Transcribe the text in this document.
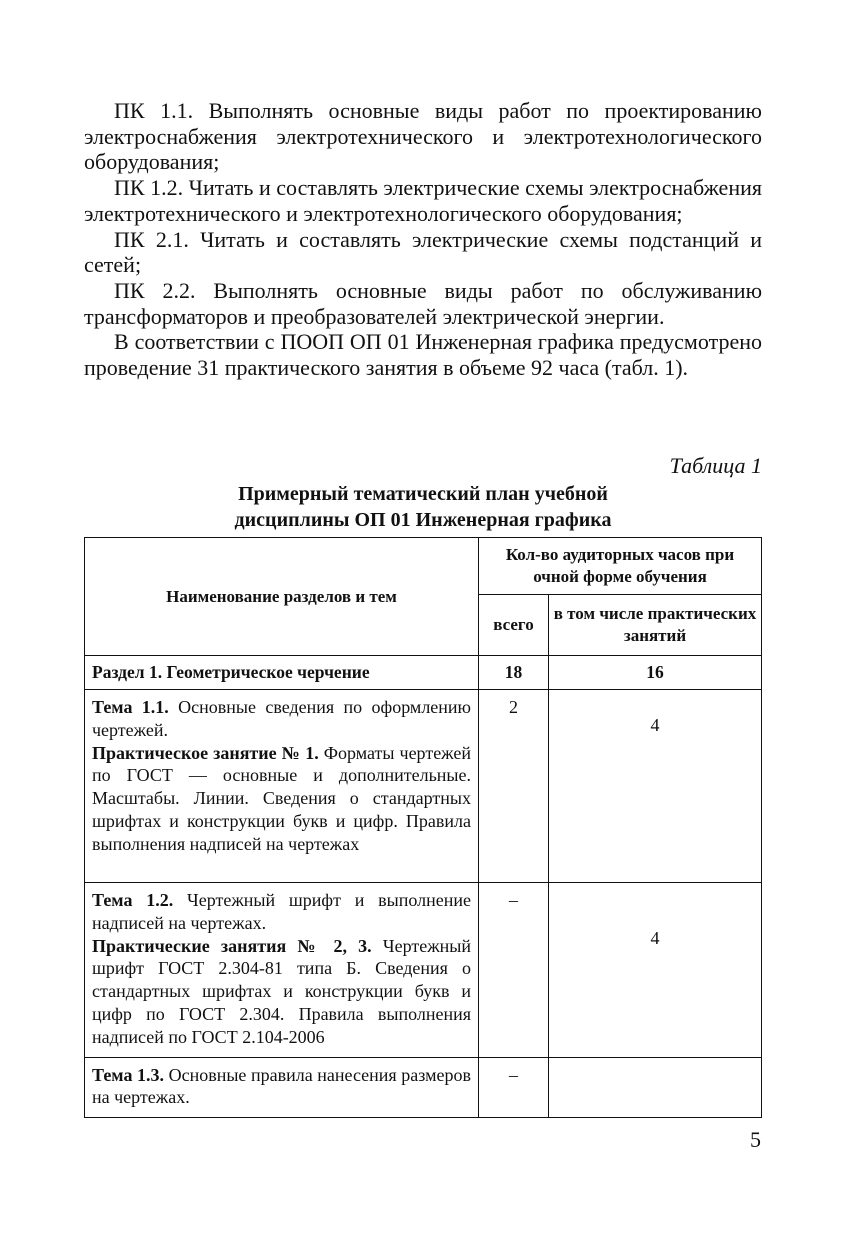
ПК 1.1. Выполнять основные виды работ по проектированию электроснабжения электротехнического и электротехнологического оборудования;

ПК 1.2. Читать и составлять электрические схемы электроснабжения электротехнического и электротехнологического оборудования;

ПК 2.1. Читать и составлять электрические схемы подстанций и сетей;

ПК 2.2. Выполнять основные виды работ по обслуживанию трансформаторов и преобразователей электрической энергии.

В соответствии с ПООП ОП 01 Инженерная графика предусмотрено проведение 31 практического занятия в объеме 92 часа (табл. 1).

Таблица 1
Примерный тематический план учебной
дисциплины ОП 01 Инженерная графика
Наименование разделов и тем	Кол-во аудиторных часов при очной форме обучения	
	всего	в том числе практических занятий
Раздел 1. Геометрическое черчение	18	16
Тема 1.1. Основные сведения по оформлению чертежей.
Практическое занятие № 1. Форматы чертежей по ГОСТ — основные и дополнительные. Масштабы. Линии. Сведения о стандартных шрифтах и конструкции букв и цифр. Правила выполнения надписей на чертежах	2	4

Тема 1.2. Чертежный шрифт и выполнение надписей на чертежах.
Практические занятия № 2, 3. Чертежный шрифт ГОСТ 2.304-81 типа Б. Сведения о стандартных шрифтах и конструкции букв и цифр по ГОСТ 2.304. Правила выполнения надписей по ГОСТ 2.104-2006	–	4

Тема 1.3. Основные правила нанесения размеров на чертежах.	–	
5
